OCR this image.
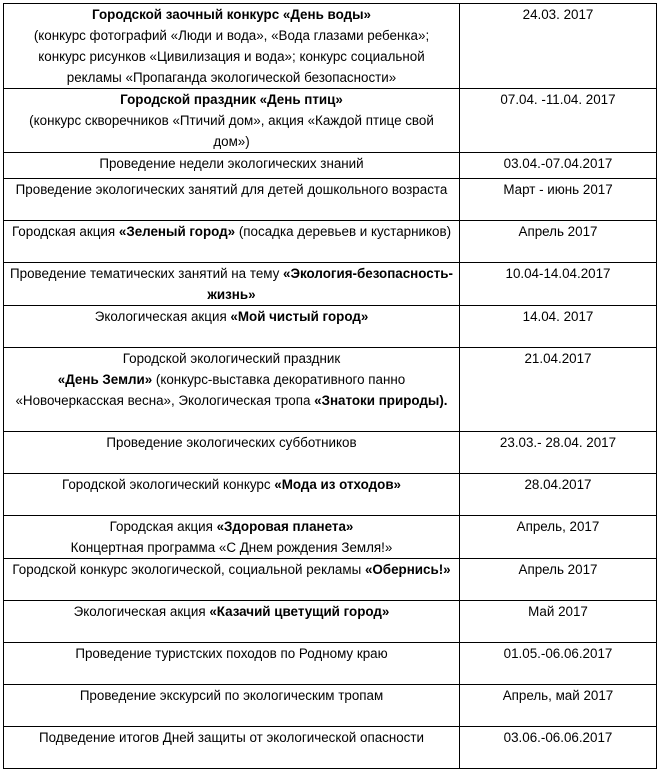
Городской заочный конкурс «День воды»
(конкурс фотографий «Люди и вода», «Вода глазами ребенка»; конкурс рисунков «Цивилизация и вода»; конкурс социальной рекламы «Пропаганда экологической безопасности»	24.03. 2017
Городской праздник «День птиц»
(конкурс скворечников «Птичий дом», акция «Каждой птице свой дом»)	07.04. -11.04. 2017
Проведение недели экологических знаний	03.04.-07.04.2017
Проведение экологических занятий для детей дошкольного возраста	Март - июнь 2017
Городская акция «Зеленый город» (посадка деревьев и кустарников)	Апрель 2017
Проведение тематических занятий на тему «Экология-безопасность-жизнь»	10.04-14.04.2017
Экологическая акция «Мой чистый город»	14.04. 2017
Городской экологический праздник
«День Земли» (конкурс-выставка декоративного панно «Новочеркасская весна», Экологическая тропа «Знатоки природы).	21.04.2017
Проведение экологических субботников	23.03.- 28.04. 2017
Городской экологический конкурс «Мода из отходов»	28.04.2017
Городская акция «Здоровая планета»
Концертная программа «С Днем рождения Земля!»	Апрель, 2017
Городской конкурс экологической, социальной рекламы «Обернись!»	Апрель 2017
Экологическая акция «Казачий цветущий город»	Май 2017
Проведение туристских походов по Родному краю	01.05.-06.06.2017
Проведение экскурсий по экологическим тропам	Апрель, май 2017
Подведение итогов Дней защиты от экологической опасности	03.06.-06.06.2017
